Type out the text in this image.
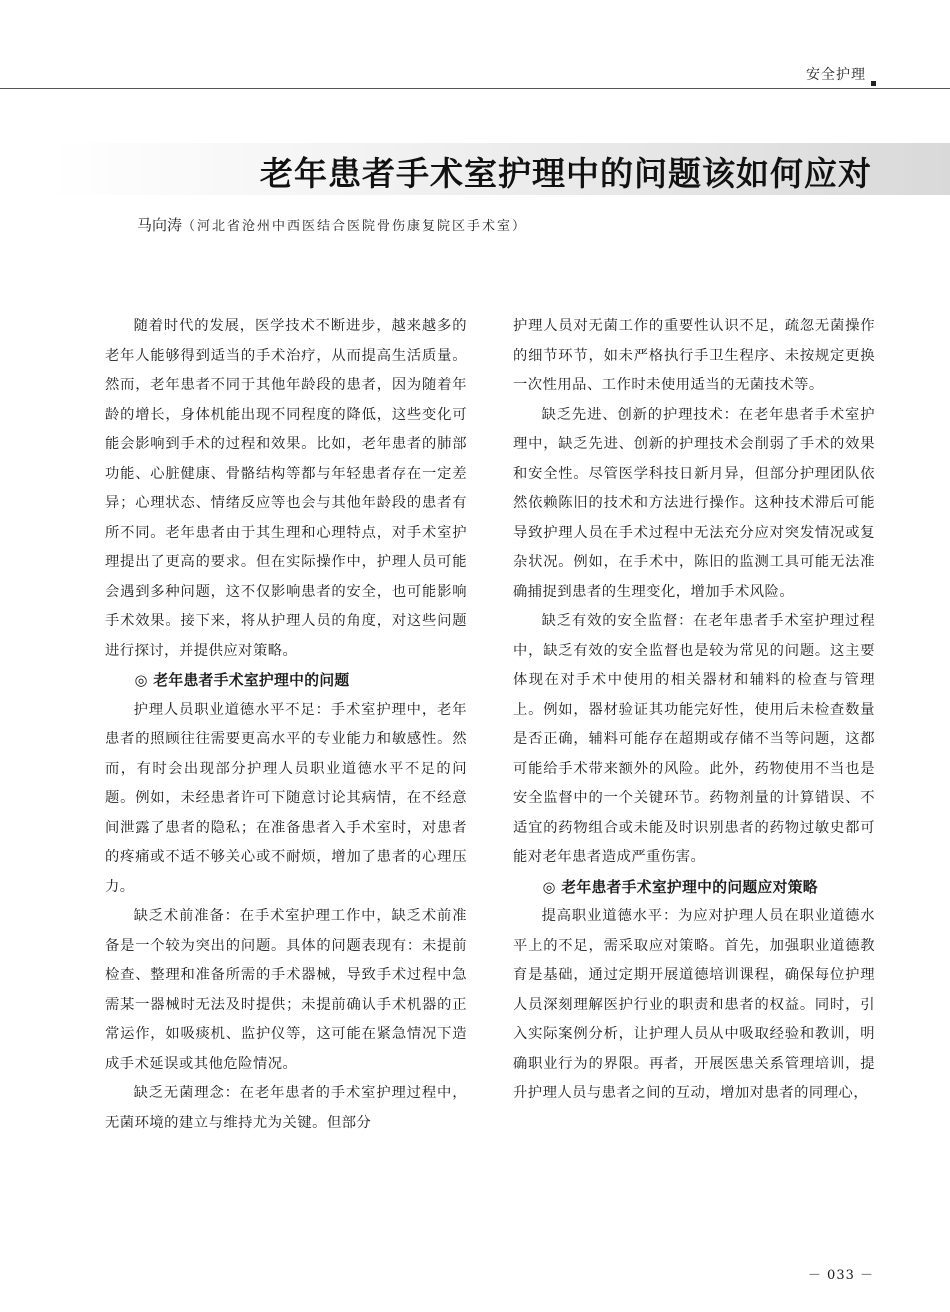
安全护理
老年患者手术室护理中的问题该如何应对
马向涛（河北省沧州中西医结合医院骨伤康复院区手术室）

随着时代的发展，医学技术不断进步，越来越多的老年人能够得到适当的手术治疗，从而提高生活质量。然而，老年患者不同于其他年龄段的患者，因为随着年龄的增长，身体机能出现不同程度的降低，这些变化可能会影响到手术的过程和效果。比如，老年患者的肺部功能、心脏健康、骨骼结构等都与年轻患者存在一定差异；心理状态、情绪反应等也会与其他年龄段的患者有所不同。老年患者由于其生理和心理特点，对手术室护理提出了更高的要求。但在实际操作中，护理人员可能会遇到多种问题，这不仅影响患者的安全，也可能影响手术效果。接下来，将从护理人员的角度，对这些问题进行探讨，并提供应对策略。

◎ 老年患者手术室护理中的问题

护理人员职业道德水平不足：手术室护理中，老年患者的照顾往往需要更高水平的专业能力和敏感性。然而，有时会出现部分护理人员职业道德水平不足的问题。例如，未经患者许可下随意讨论其病情，在不经意间泄露了患者的隐私；在准备患者入手术室时，对患者的疼痛或不适不够关心或不耐烦，增加了患者的心理压力。

缺乏术前准备：在手术室护理工作中，缺乏术前准备是一个较为突出的问题。具体的问题表现有：未提前检查、整理和准备所需的手术器械，导致手术过程中急需某一器械时无法及时提供；未提前确认手术机器的正常运作，如吸痰机、监护仪等，这可能在紧急情况下造成手术延误或其他危险情况。

缺乏无菌理念：在老年患者的手术室护理过程中，无菌环境的建立与维持尤为关键。但部分

护理人员对无菌工作的重要性认识不足，疏忽无菌操作的细节环节，如未严格执行手卫生程序、未按规定更换一次性用品、工作时未使用适当的无菌技术等。

缺乏先进、创新的护理技术：在老年患者手术室护理中，缺乏先进、创新的护理技术会削弱了手术的效果和安全性。尽管医学科技日新月异，但部分护理团队依然依赖陈旧的技术和方法进行操作。这种技术滞后可能导致护理人员在手术过程中无法充分应对突发情况或复杂状况。例如，在手术中，陈旧的监测工具可能无法准确捕捉到患者的生理变化，增加手术风险。

缺乏有效的安全监督：在老年患者手术室护理过程中，缺乏有效的安全监督也是较为常见的问题。这主要体现在对手术中使用的相关器材和辅料的检查与管理上。例如，器材验证其功能完好性，使用后未检查数量是否正确，辅料可能存在超期或存储不当等问题，这都可能给手术带来额外的风险。此外，药物使用不当也是安全监督中的一个关键环节。药物剂量的计算错误、不适宜的药物组合或未能及时识别患者的药物过敏史都可能对老年患者造成严重伤害。

◎ 老年患者手术室护理中的问题应对策略

提高职业道德水平：为应对护理人员在职业道德水平上的不足，需采取应对策略。首先，加强职业道德教育是基础，通过定期开展道德培训课程，确保每位护理人员深刻理解医护行业的职责和患者的权益。同时，引入实际案例分析，让护理人员从中吸取经验和教训，明确职业行为的界限。再者，开展医患关系管理培训，提升护理人员与患者之间的互动，增加对患者的同理心，

－ 033 －
